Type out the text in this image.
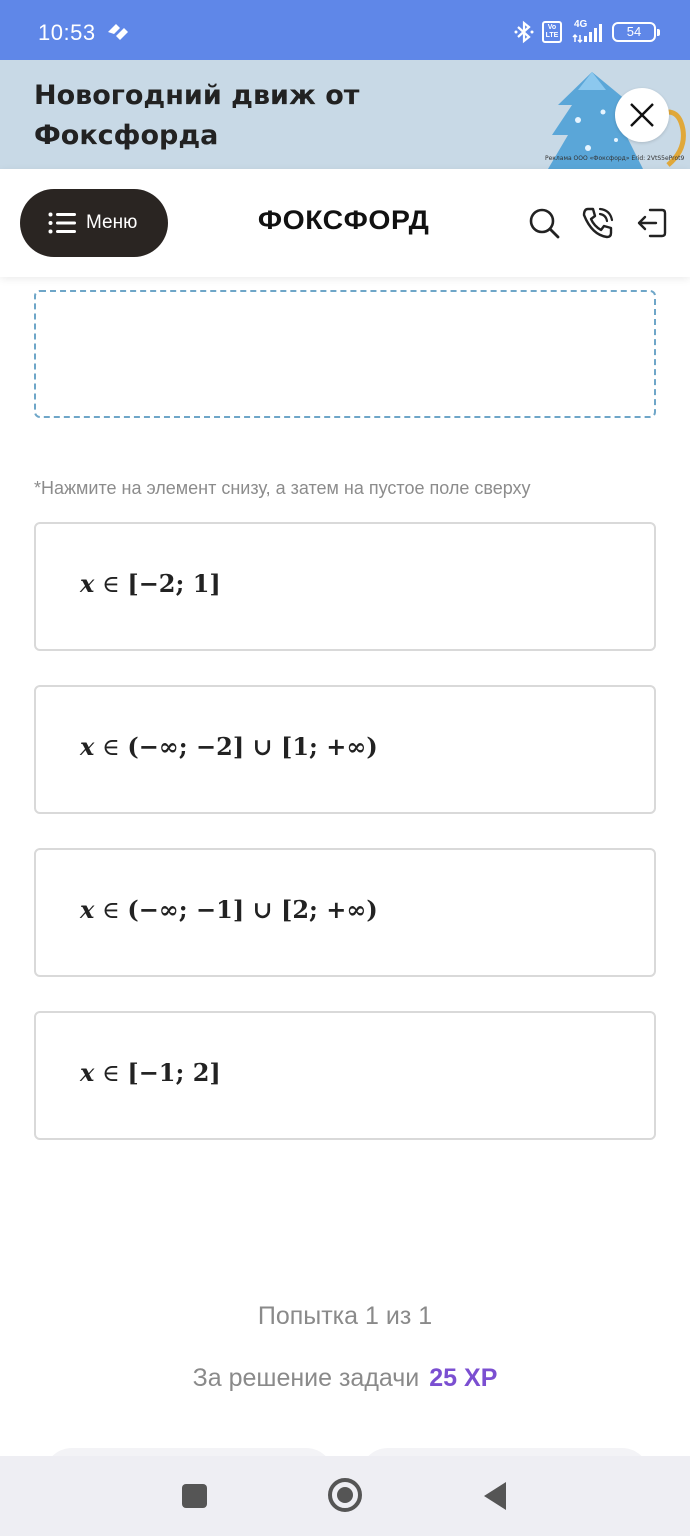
10:53	Vo LTE
4G	54
Новогодний движ от Фоксфорда
Реклама ООО «Фоксфорд» Erid: 2VtS5eProt9
Меню	ФОКСФОРД
*Нажмите на элемент снизу, а затем на пустое поле сверху
x ∈ [−2; 1]
x ∈ (−∞; −2] ∪ [1; +∞)
x ∈ (−∞; −1] ∪ [2; +∞)
x ∈ [−1; 2]
Попытка 1 из 1
За решение задачи 25 XP
